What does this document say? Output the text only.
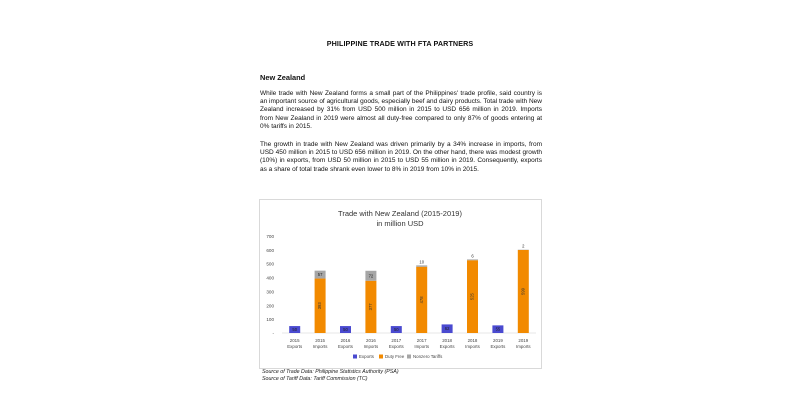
PHILIPPINE TRADE WITH FTA PARTNERS
New Zealand

While trade with New Zealand forms a small part of the Philippines' trade profile, said country is an important source of agricultural goods, especially beef and dairy products. Total trade with New Zealand increased by 31% from USD 500 million in 2015 to USD 656 million in 2019. Imports from New Zealand in 2019 were almost all duty-free compared to only 87% of goods entering at 0% tariffs in 2015.

The growth in trade with New Zealand was driven primarily by a 34% increase in imports, from USD 450 million in 2015 to USD 656 million in 2019. On the other hand, there was modest growth (10%) in exports, from USD 50 million in 2015 to USD 55 million in 2019. Consequently, exports as a share of total trade shrank even lower to 8% in 2019 from 10% in 2015.

Trade with New Zealand (2015-2019)
in million USD
-
100
200
300
400
500
600
700
50
2015
Exports
393
57
2015
Imports
50
2016
Exports
377
72
2016
Imports
50
2017
Exports
478
10
2017
Imports
62
2018
Exports
525
6
2018
Imports
55
2019
Exports
599
2
2019
Imports
Exports	Duty Free Nonzero Tariffs
Source of Trade Data: Philippine Statistics Authority (PSA)
Source of Tariff Data: Tariff Commission (TC)
